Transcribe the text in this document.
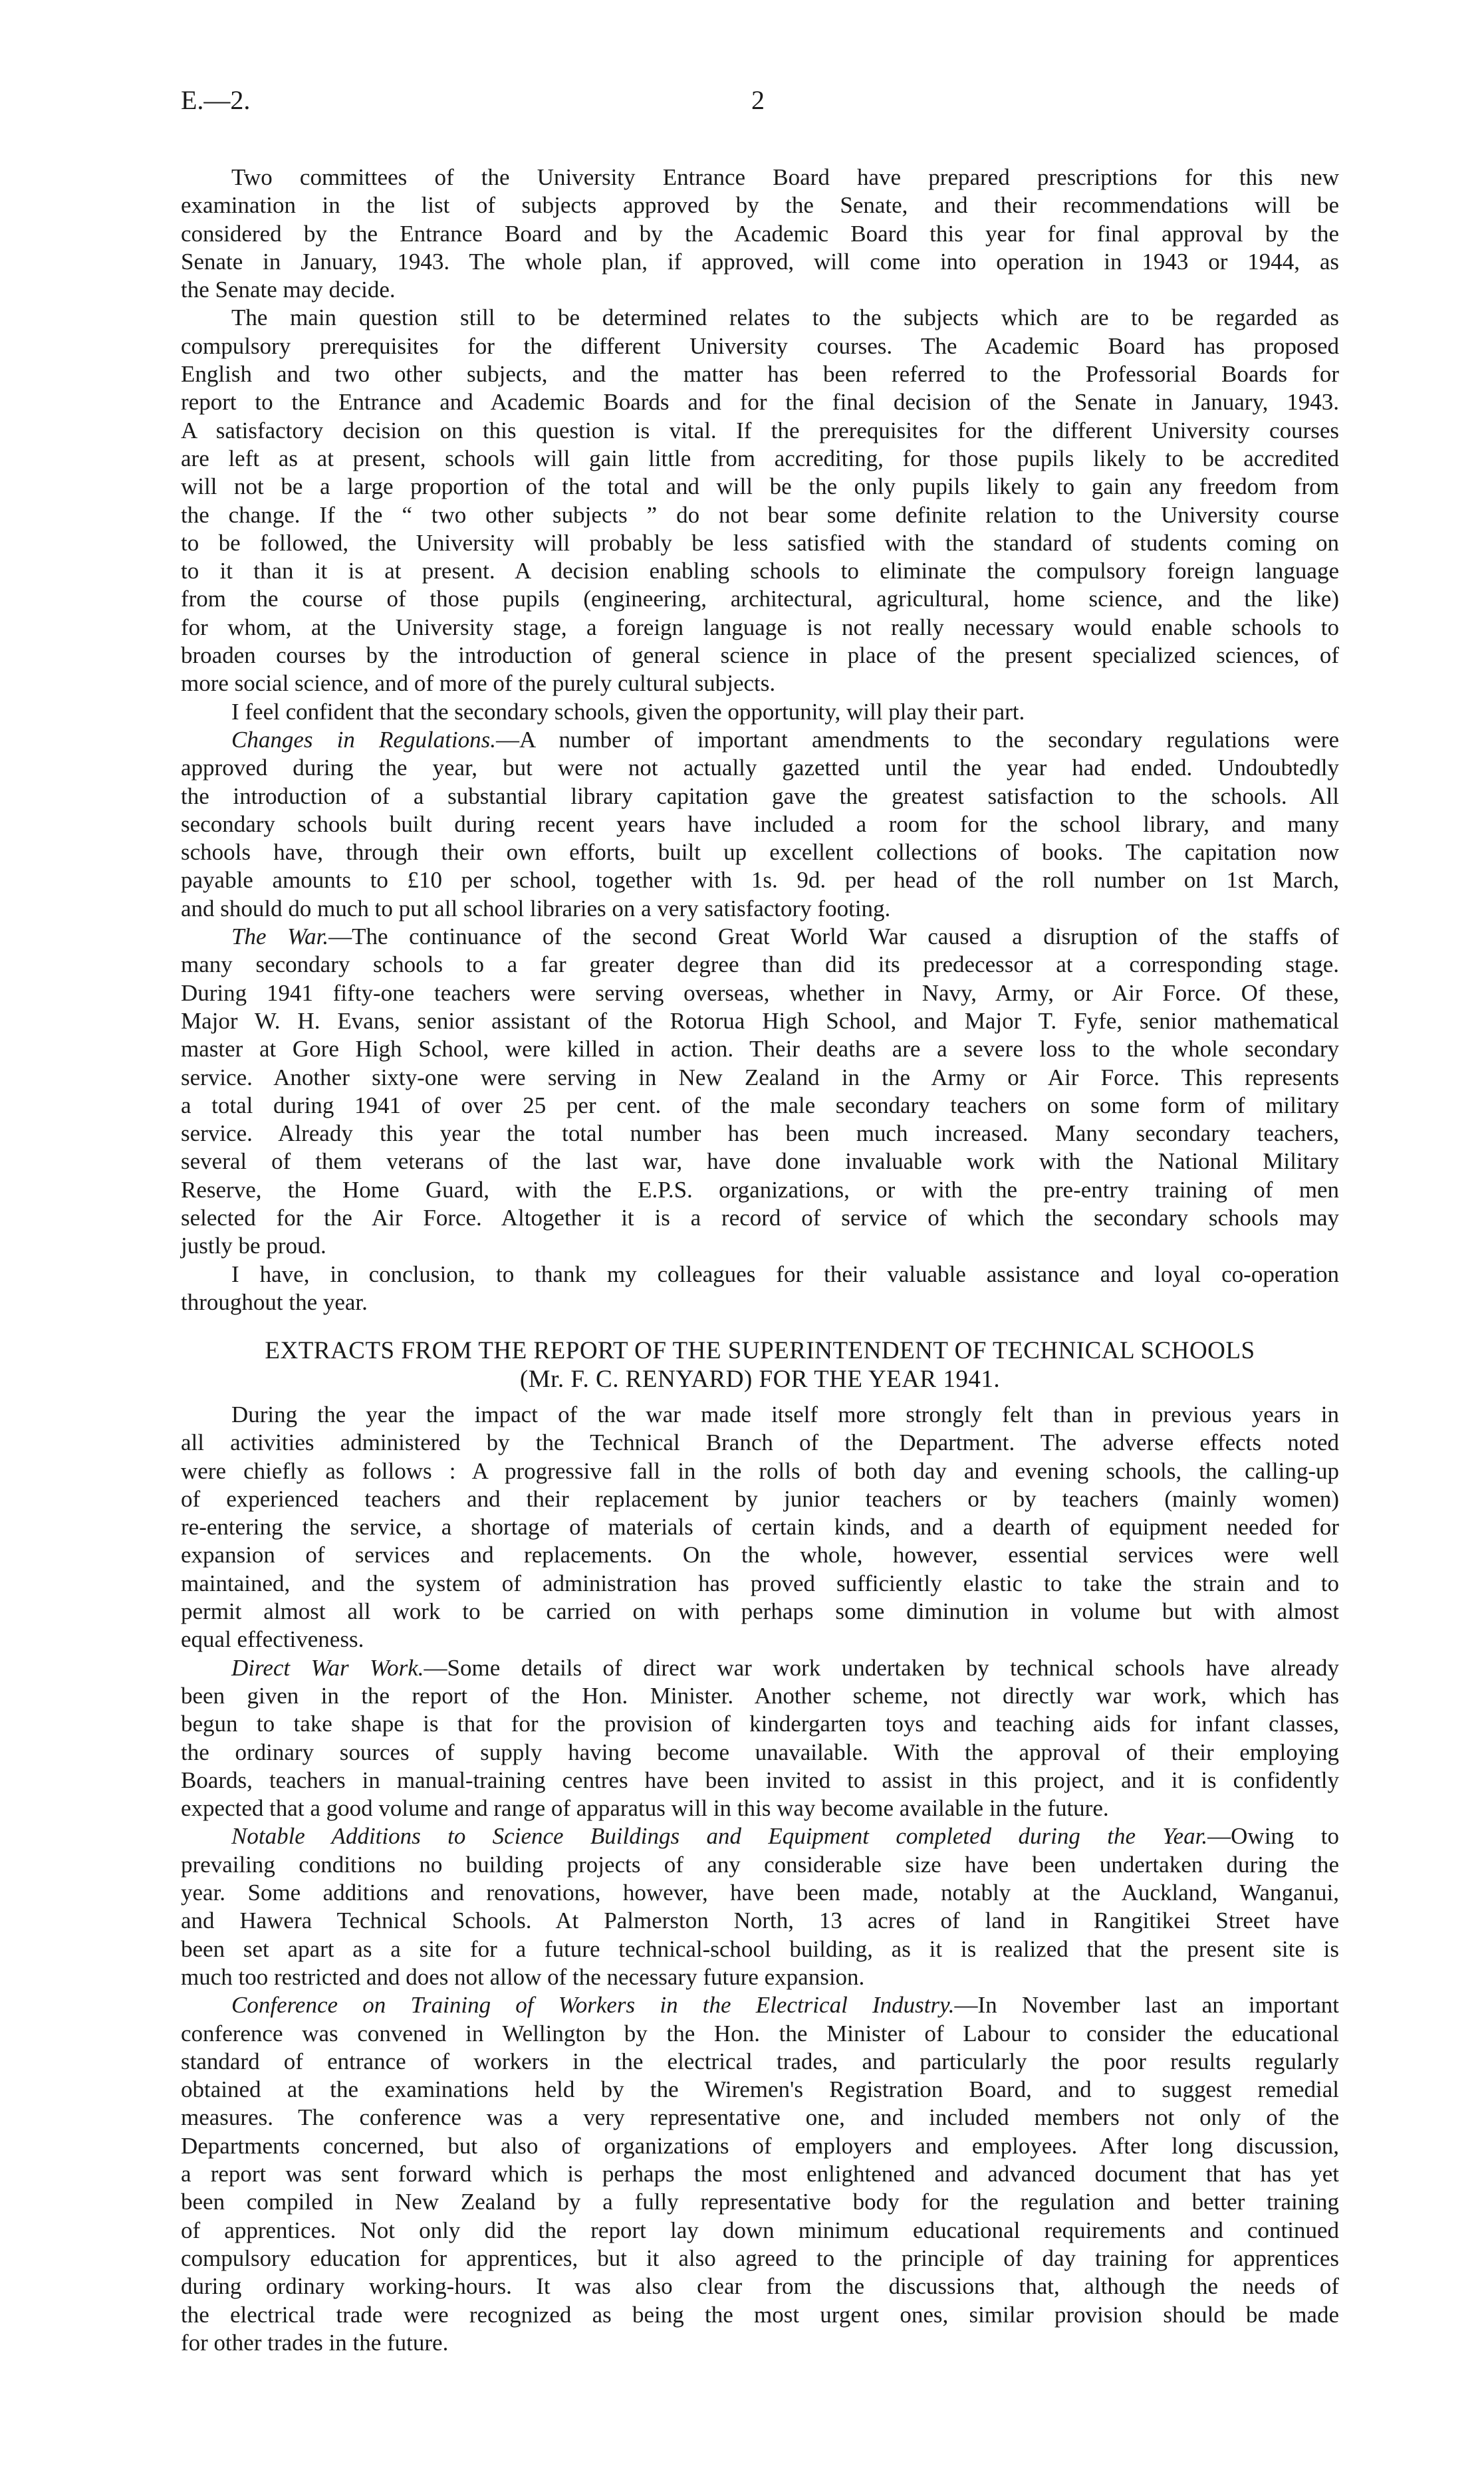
E.—2.	2
Two committees of the University Entrance Board have prepared prescriptions for this new
examination in the list of subjects approved by the Senate, and their recommendations will be
considered by the Entrance Board and by the Academic Board this year for final approval by the
Senate in January, 1943. The whole plan, if approved, will come into operation in 1943 or 1944, as
the Senate may decide.
The main question still to be determined relates to the subjects which are to be regarded as
compulsory prerequisites for the different University courses. The Academic Board has proposed
English and two other subjects, and the matter has been referred to the Professorial Boards for
report to the Entrance and Academic Boards and for the final decision of the Senate in January, 1943.
A satisfactory decision on this question is vital. If the prerequisites for the different University courses
are left as at present, schools will gain little from accrediting, for those pupils likely to be accredited
will not be a large proportion of the total and will be the only pupils likely to gain any freedom from
the change. If the “ two other subjects ” do not bear some definite relation to the University course
to be followed, the University will probably be less satisfied with the standard of students coming on
to it than it is at present. A decision enabling schools to eliminate the compulsory foreign language
from the course of those pupils (engineering, architectural, agricultural, home science, and the like)
for whom, at the University stage, a foreign language is not really necessary would enable schools to
broaden courses by the introduction of general science in place of the present specialized sciences, of
more social science, and of more of the purely cultural subjects.
I feel confident that the secondary schools, given the opportunity, will play their part.
Changes in Regulations.—A number of important amendments to the secondary regulations were
approved during the year, but were not actually gazetted until the year had ended. Undoubtedly
the introduction of a substantial library capitation gave the greatest satisfaction to the schools. All
secondary schools built during recent years have included a room for the school library, and many
schools have, through their own efforts, built up excellent collections of books. The capitation now
payable amounts to £10 per school, together with 1s. 9d. per head of the roll number on 1st March,
and should do much to put all school libraries on a very satisfactory footing.
The War.—The continuance of the second Great World War caused a disruption of the staffs of
many secondary schools to a far greater degree than did its predecessor at a corresponding stage.
During 1941 fifty-one teachers were serving overseas, whether in Navy, Army, or Air Force. Of these,
Major W. H. Evans, senior assistant of the Rotorua High School, and Major T. Fyfe, senior mathematical
master at Gore High School, were killed in action. Their deaths are a severe loss to the whole secondary
service. Another sixty-one were serving in New Zealand in the Army or Air Force. This represents
a total during 1941 of over 25 per cent. of the male secondary teachers on some form of military
service. Already this year the total number has been much increased. Many secondary teachers,
several of them veterans of the last war, have done invaluable work with the National Military
Reserve, the Home Guard, with the E.P.S. organizations, or with the pre-entry training of men
selected for the Air Force. Altogether it is a record of service of which the secondary schools may
justly be proud.
I have, in conclusion, to thank my colleagues for their valuable assistance and loyal co-operation
throughout the year.
EXTRACTS FROM THE REPORT OF THE SUPERINTENDENT OF TECHNICAL SCHOOLS
(Mr. F. C. RENYARD) FOR THE YEAR 1941.
During the year the impact of the war made itself more strongly felt than in previous years in
all activities administered by the Technical Branch of the Department. The adverse effects noted
were chiefly as follows : A progressive fall in the rolls of both day and evening schools, the calling-up
of experienced teachers and their replacement by junior teachers or by teachers (mainly women)
re-entering the service, a shortage of materials of certain kinds, and a dearth of equipment needed for
expansion of services and replacements. On the whole, however, essential services were well
maintained, and the system of administration has proved sufficiently elastic to take the strain and to
permit almost all work to be carried on with perhaps some diminution in volume but with almost
equal effectiveness.
Direct War Work.—Some details of direct war work undertaken by technical schools have already
been given in the report of the Hon. Minister. Another scheme, not directly war work, which has
begun to take shape is that for the provision of kindergarten toys and teaching aids for infant classes,
the ordinary sources of supply having become unavailable. With the approval of their employing
Boards, teachers in manual-training centres have been invited to assist in this project, and it is confidently
expected that a good volume and range of apparatus will in this way become available in the future.
Notable Additions to Science Buildings and Equipment completed during the Year.—Owing to
prevailing conditions no building projects of any considerable size have been undertaken during the
year. Some additions and renovations, however, have been made, notably at the Auckland, Wanganui,
and Hawera Technical Schools. At Palmerston North, 13 acres of land in Rangitikei Street have
been set apart as a site for a future technical-school building, as it is realized that the present site is
much too restricted and does not allow of the necessary future expansion.
Conference on Training of Workers in the Electrical Industry.—In November last an important
conference was convened in Wellington by the Hon. the Minister of Labour to consider the educational
standard of entrance of workers in the electrical trades, and particularly the poor results regularly
obtained at the examinations held by the Wiremen's Registration Board, and to suggest remedial
measures. The conference was a very representative one, and included members not only of the
Departments concerned, but also of organizations of employers and employees. After long discussion,
a report was sent forward which is perhaps the most enlightened and advanced document that has yet
been compiled in New Zealand by a fully representative body for the regulation and better training
of apprentices. Not only did the report lay down minimum educational requirements and continued
compulsory education for apprentices, but it also agreed to the principle of day training for apprentices
during ordinary working-hours. It was also clear from the discussions that, although the needs of
the electrical trade were recognized as being the most urgent ones, similar provision should be made
for other trades in the future.
